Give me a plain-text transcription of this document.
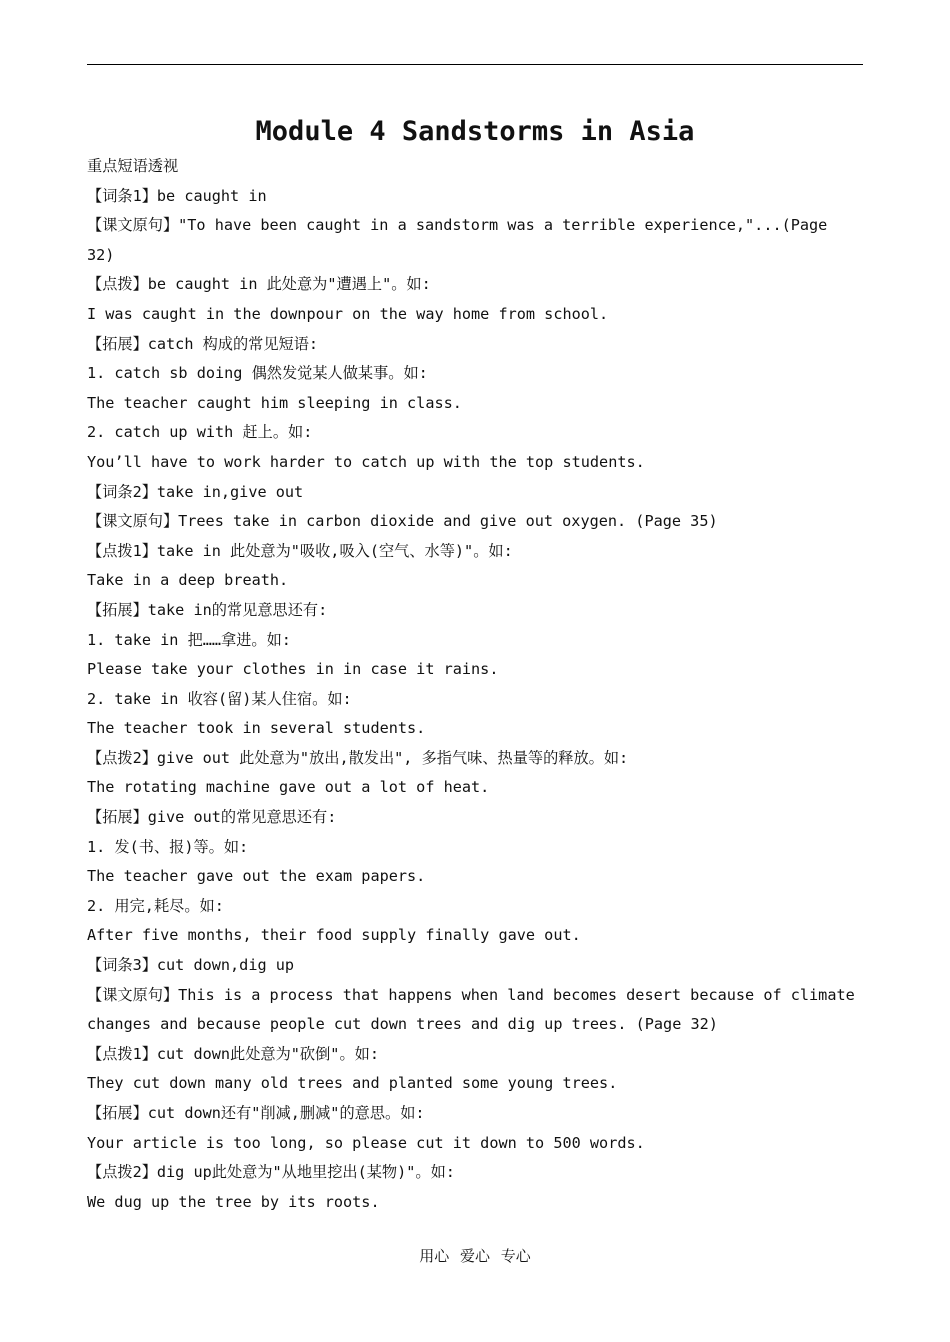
Module 4 Sandstorms in Asia
重点短语透视
【词条1】be caught in
【课文原句】"To have been caught in a sandstorm was a terrible experience,"...(Page
32)
【点拨】be caught in 此处意为"遭遇上"。如:
I was caught in the downpour on the way home from school.
【拓展】catch 构成的常见短语:
1. catch sb doing 偶然发觉某人做某事。如:
The teacher caught him sleeping in class.
2. catch up with 赶上。如:
You’ll have to work harder to catch up with the top students.
【词条2】take in,give out
【课文原句】Trees take in carbon dioxide and give out oxygen. (Page 35)
【点拨1】take in 此处意为"吸收,吸入(空气、水等)"。如:
Take in a deep breath.
【拓展】take in的常见意思还有:
1. take in 把……拿进。如:
Please take your clothes in in case it rains.
2. take in 收容(留)某人住宿。如:
The teacher took in several students.
【点拨2】give out 此处意为"放出,散发出", 多指气味、热量等的释放。如:
The rotating machine gave out a lot of heat.
【拓展】give out的常见意思还有:
1. 发(书、报)等。如:
The teacher gave out the exam papers.
2. 用完,耗尽。如:
After five months, their food supply finally gave out.
【词条3】cut down,dig up
【课文原句】This is a process that happens when land becomes desert because of climate
changes and because people cut down trees and dig up trees. (Page 32)
【点拨1】cut down此处意为"砍倒"。如:
They cut down many old trees and planted some young trees.
【拓展】cut down还有"削减,删减"的意思。如:
Your article is too long, so please cut it down to 500 words.
【点拨2】dig up此处意为"从地里挖出(某物)"。如:
We dug up the tree by its roots.
用心 爱心 专心
